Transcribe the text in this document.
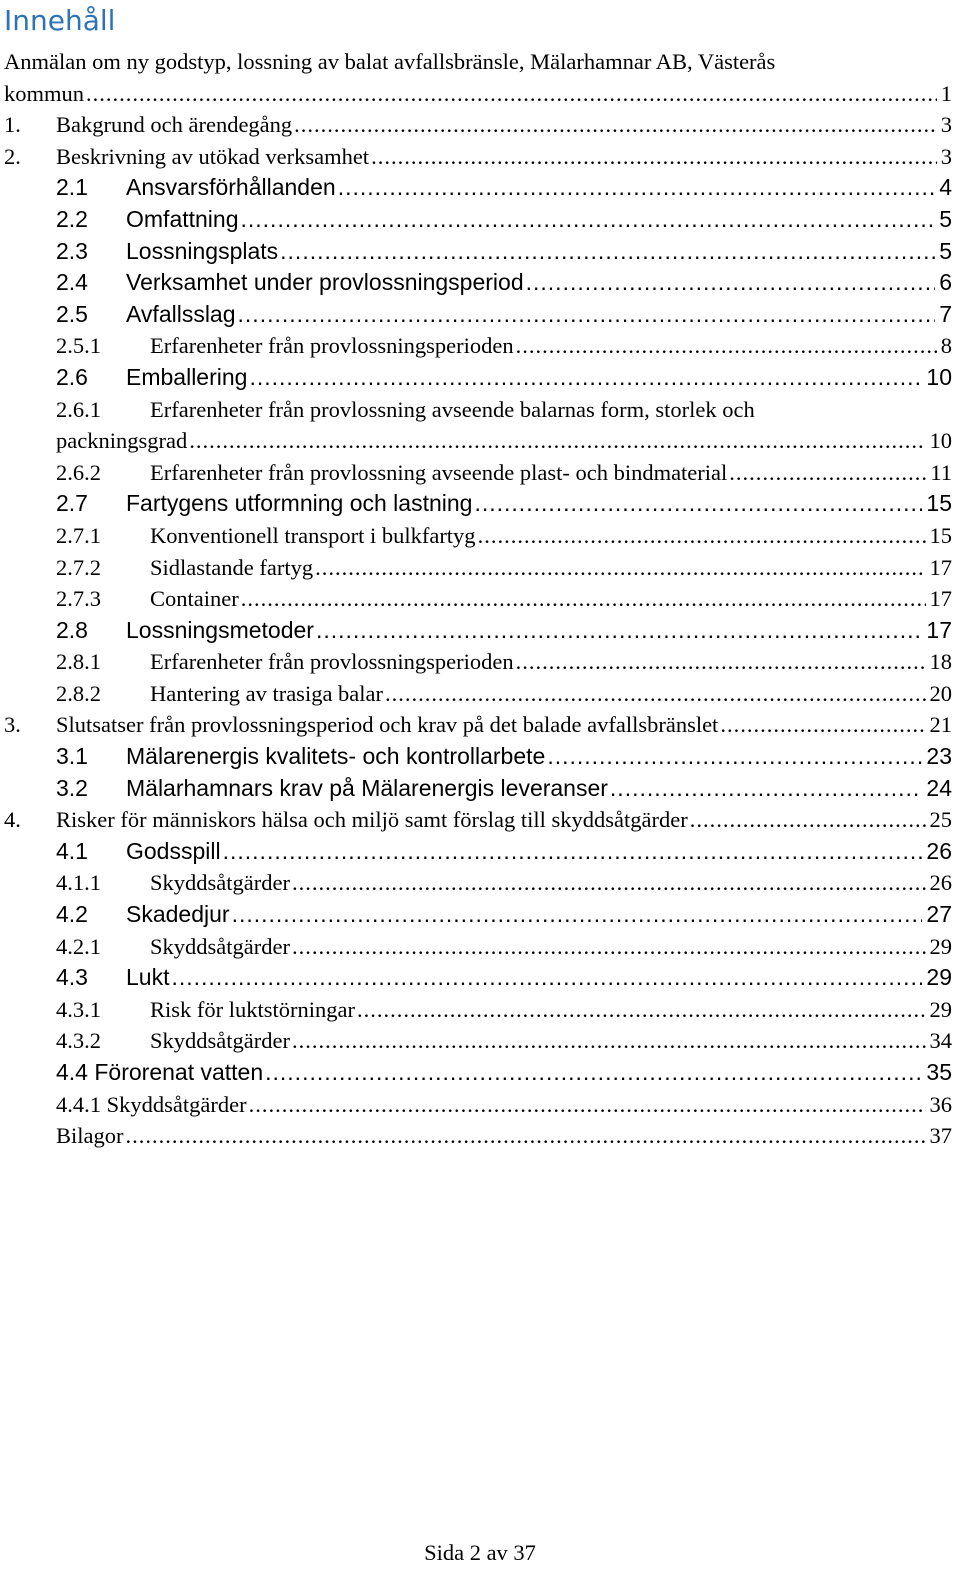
Innehåll
Anmälan om ny godstyp, lossning av balat avfallsbränsle, Mälarhamnar AB, Västerås
kommun .....	1
1.	Bakgrund och ärendegång .....	3
2.	Beskrivning av utökad verksamhet .....	3
2.1	Ansvarsförhållanden .....	4
2.2	Omfattning .....	5
2.3	Lossningsplats .....	5
2.4	Verksamhet under provlossningsperiod .....	6
2.5	Avfallsslag .....	7
2.5.1	Erfarenheter från provlossningsperioden .....	8
2.6	Emballering .....	10
2.6.1	Erfarenheter från provlossning avseende balarnas form, storlek och
packningsgrad .....	10
2.6.2	Erfarenheter från provlossning avseende plast- och bindmaterial .....	11
2.7	Fartygens utformning och lastning .....	15
2.7.1	Konventionell transport i bulkfartyg .....	15
2.7.2	Sidlastande fartyg .....	17
2.7.3	Container .....	17
2.8	Lossningsmetoder .....	17
2.8.1	Erfarenheter från provlossningsperioden .....	18
2.8.2	Hantering av trasiga balar .....	20
3.	Slutsatser från provlossningsperiod och krav på det balade avfallsbränslet .....	21
3.1	Mälarenergis kvalitets- och kontrollarbete .....	23
3.2	Mälarhamnars krav på Mälarenergis leveranser .....	24
4.	Risker för människors hälsa och miljö samt förslag till skyddsåtgärder .....	25
4.1	Godsspill .....	26
4.1.1	Skyddsåtgärder .....	26
4.2	Skadedjur .....	27
4.2.1	Skyddsåtgärder .....	29
4.3	Lukt .....	29
4.3.1	Risk för luktstörningar .....	29
4.3.2	Skyddsåtgärder .....	34
4.4 Förorenat vatten .....	35
4.4.1 Skyddsåtgärder .....	36
Bilagor .....	37
Sida 2 av 37
